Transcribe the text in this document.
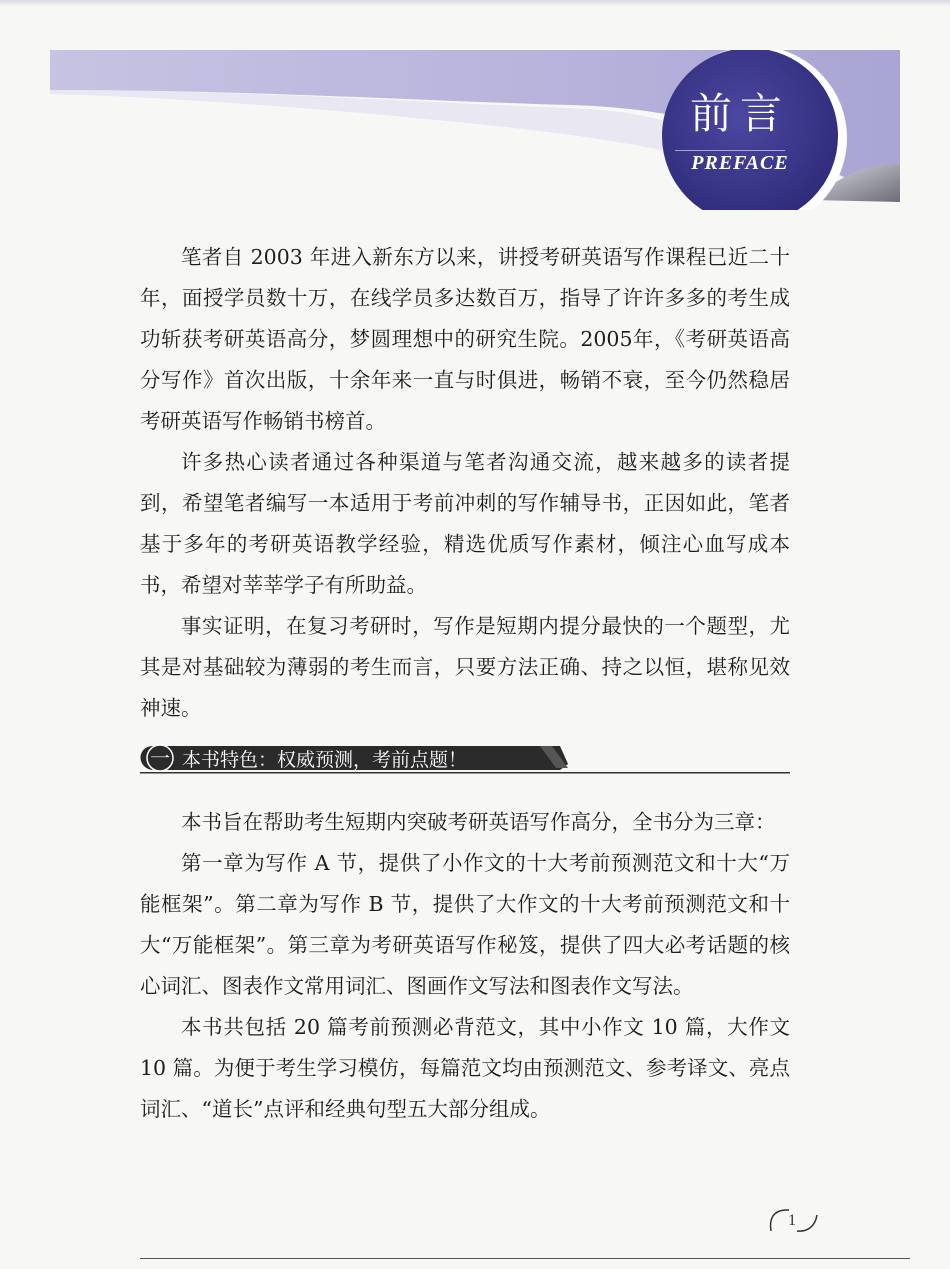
前言
PREFACE

笔者自 2003 年进入新东方以来，讲授考研英语写作课程已近二十年，面授学员数十万，在线学员多达数百万，指导了许许多多的考生成功斩获考研英语高分，梦圆理想中的研究生院。2005年，《考研英语高分写作》首次出版，十余年来一直与时俱进，畅销不衰，至今仍然稳居考研英语写作畅销书榜首。

许多热心读者通过各种渠道与笔者沟通交流，越来越多的读者提到，希望笔者编写一本适用于考前冲刺的写作辅导书，正因如此，笔者基于多年的考研英语教学经验，精选优质写作素材，倾注心血写成本书，希望对莘莘学子有所助益。

事实证明，在复习考研时，写作是短期内提分最快的一个题型，尤其是对基础较为薄弱的考生而言，只要方法正确、持之以恒，堪称见效神速。

一 本书特色：权威预测，考前点题！

本书旨在帮助考生短期内突破考研英语写作高分，全书分为三章：

第一章为写作 A 节，提供了小作文的十大考前预测范文和十大“万能框架”。第二章为写作 B 节，提供了大作文的十大考前预测范文和十大“万能框架”。第三章为考研英语写作秘笈，提供了四大必考话题的核心词汇、图表作文常用词汇、图画作文写法和图表作文写法。

本书共包括 20 篇考前预测必背范文，其中小作文 10 篇，大作文 10 篇。为便于考生学习模仿，每篇范文均由预测范文、参考译文、亮点词汇、“道长”点评和经典句型五大部分组成。

1
